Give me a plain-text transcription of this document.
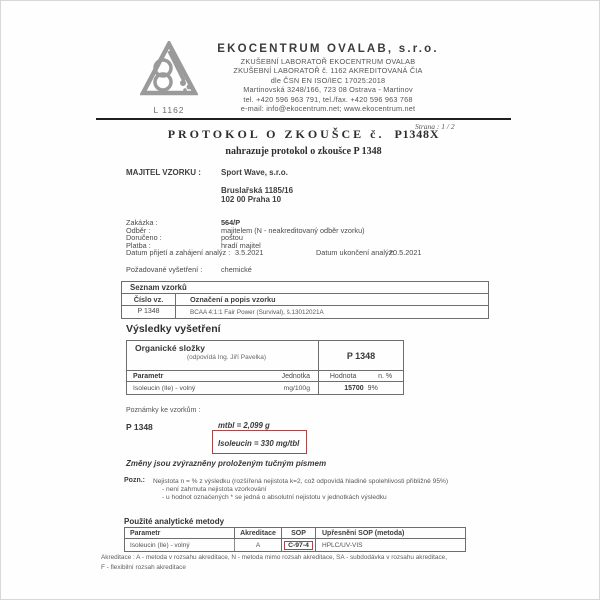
L 1162
EKOCENTRUM OVALAB, s.r.o.
ZKUŠEBNÍ LABORATOŘ EKOCENTRUM OVALAB
ZKUŠEBNÍ LABORATOŘ č. 1162 AKREDITOVANÁ ČIA
dle ČSN EN ISO/IEC 17025:2018
Martinovská 3248/166, 723 08 Ostrava - Martinov
tel. +420 596 963 791, tel./fax. +420 596 963 768
e-mail: info@ekocentrum.net; www.ekocentrum.net
Strana : 1 / 2
PROTOKOL O ZKOUŠCE č. P1348X
nahrazuje protokol o zkoušce P 1348
MAJITEL VZORKU :	Sport Wave, s.r.o.
Bruslařská 1185/16
102 00 Praha 10
Zakázka :	564/P
Odběr :	majitelem (N - neakreditovaný odběr vzorku)
Doručeno :	poštou
Platba :	hradí majitel
Datum přijetí a zahájení analýz : 3.5.2021	Datum ukončení analýz:
20.5.2021
Požadované vyšetření :	chemické
Seznam vzorků
Číslo vz.	Označení a popis vzorku
P 1348	BCAA 4:1:1 Fair Power (Survival), š.13012021A
Výsledky vyšetření
Organické složky
(odpovídá Ing. Jiří Pavelka)	P 1348
Parametr	Jednotka	Hodnota	n. %
Isoleucin (Ile) - volný	mg/100g	15700 9%
Poznámky ke vzorkům :
P 1348	mtbl = 2,099 g
Isoleucin = 330 mg/tbl
Změny jsou zvýrazněny proloženým tučným písmem
Pozn.: Nejistota n = % z výsledku (rozšířená nejistota k=2, což odpovídá hladině spolehlivosti přibližně 95%)
- není zahrnuta nejistota vzorkování
- u hodnot označených * se jedná o absolutní nejistotu v jednotkách výsledku
Použité analytické metody
Parametr	Akreditace	SOP	Upřesnění SOP (metoda)
Isoleucin (Ile) - volný	A	C-97-4	HPLC/UV-VIS
Akreditace : A - metoda v rozsahu akreditace, N - metoda mimo rozsah akreditace, SA - subdodávka v rozsahu akreditace,
F - flexibilní rozsah akreditace
